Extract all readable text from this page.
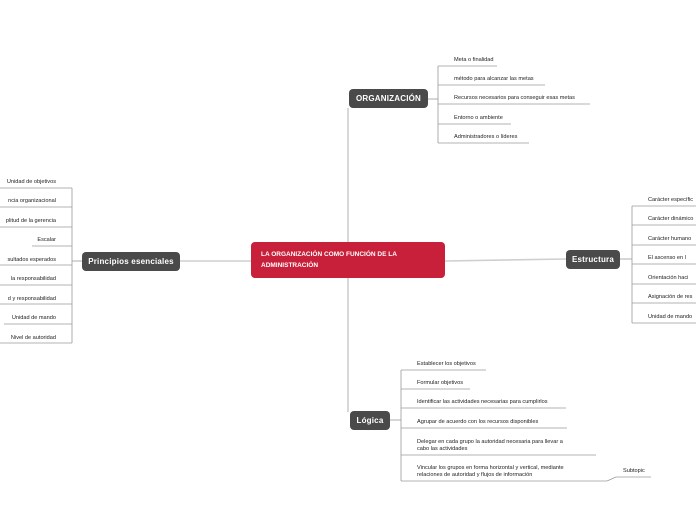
LA ORGANIZACIÓN COMO FUNCIÓN DE LA
ADMINISTRACIÓN
ORGANIZACIÓN
Principios esenciales	Estructura
Lógica
Meta o finalidad
método para alcanzar las metas
Recursos necesarios para conseguir esas metas
Entorno o ambiente
Administradores o líderes
Unidad de objetivos
ncia organizacional
plitud de la gerencia
Escalar
sultados esperados
la responsabilidad
d y responsabilidad
Unidad de mando
Nivel de autoridad
Carácter específic
Carácter dinámico
Carácter humano
El ascenso en l
Orientación haci
Asignación de res
Unidad de mando
Establecer los objetivos
Formular objetivos
Identificar las actividades necesarias para cumplirlos
Agrupar de acuerdo con los recursos disponibles
Delegar en cada grupo la autoridad necesaria para llevar a
cabo las actividades
Vincular los grupos en forma horizontal y vertical, mediante
relaciones de autoridad y flujos de información
Subtopic
